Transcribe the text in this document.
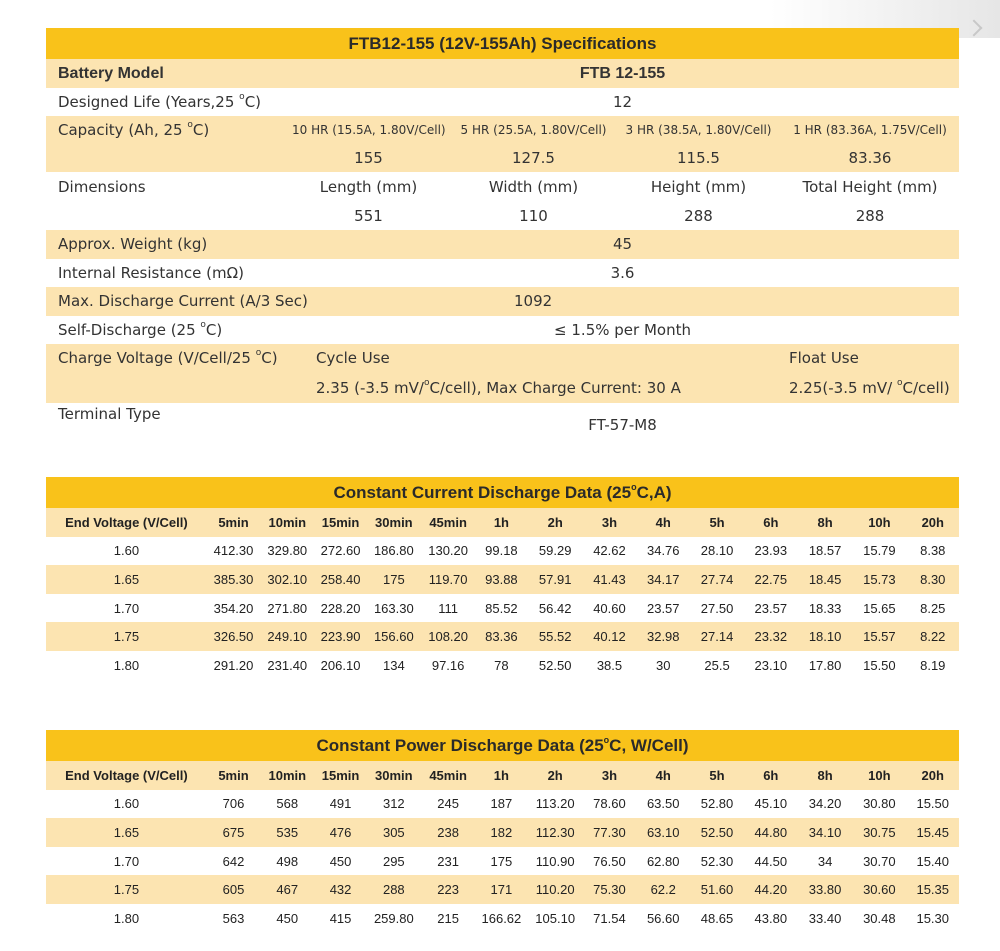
FTB12-155 (12V-155Ah) Specifications				
Battery Model	FTB 12-155			
Designed Life (Years,25 $^o$C)	12			
Capacity (Ah, 25 $^o$C)	10 HR (15.5A, 1.80V/Cell)	5 HR (25.5A, 1.80V/Cell)	3 HR (38.5A, 1.80V/Cell)	1 HR (83.36A, 1.75V/Cell)
	155	127.5	115.5	83.36
Dimensions	Length (mm)	Width (mm)	Height (mm)	Total Height (mm)
	551	110	288	288
Approx. Weight (kg)	45			
Internal Resistance (mΩ)	3.6			
Max. Discharge Current (A/3 Sec)		1092		
Self-Discharge (25 $^o$C)	≤ 1.5% per Month			
Charge Voltage (V/Cell/25 $^o$C)	Cycle Use			Float Use
	2.35 (-3.5 mV/$^o$C/cell), Max Charge Current: 30 A			2.25(-3.5 mV/ $^o$C/cell)
Terminal Type	FT-57-M8			
Constant Current Discharge Data (25$^o$C,A)														
End Voltage (V/Cell)	5min	10min	15min	30min	45min	1h	2h	3h	4h	5h	6h	8h	10h	20h
1.60	412.30	329.80	272.60	186.80	130.20	99.18	59.29	42.62	34.76	28.10	23.93	18.57	15.79	8.38
1.65	385.30	302.10	258.40	175	119.70	93.88	57.91	41.43	34.17	27.74	22.75	18.45	15.73	8.30
1.70	354.20	271.80	228.20	163.30	111	85.52	56.42	40.60	23.57	27.50	23.57	18.33	15.65	8.25
1.75	326.50	249.10	223.90	156.60	108.20	83.36	55.52	40.12	32.98	27.14	23.32	18.10	15.57	8.22
1.80	291.20	231.40	206.10	134	97.16	78	52.50	38.5	30	25.5	23.10	17.80	15.50	8.19
Constant Power Discharge Data (25$^o$C, W/Cell)														
End Voltage (V/Cell)	5min	10min	15min	30min	45min	1h	2h	3h	4h	5h	6h	8h	10h	20h
1.60	706	568	491	312	245	187	113.20	78.60	63.50	52.80	45.10	34.20	30.80	15.50
1.65	675	535	476	305	238	182	112.30	77.30	63.10	52.50	44.80	34.10	30.75	15.45
1.70	642	498	450	295	231	175	110.90	76.50	62.80	52.30	44.50	34	30.70	15.40
1.75	605	467	432	288	223	171	110.20	75.30	62.2	51.60	44.20	33.80	30.60	15.35
1.80	563	450	415	259.80	215	166.62	105.10	71.54	56.60	48.65	43.80	33.40	30.48	15.30
